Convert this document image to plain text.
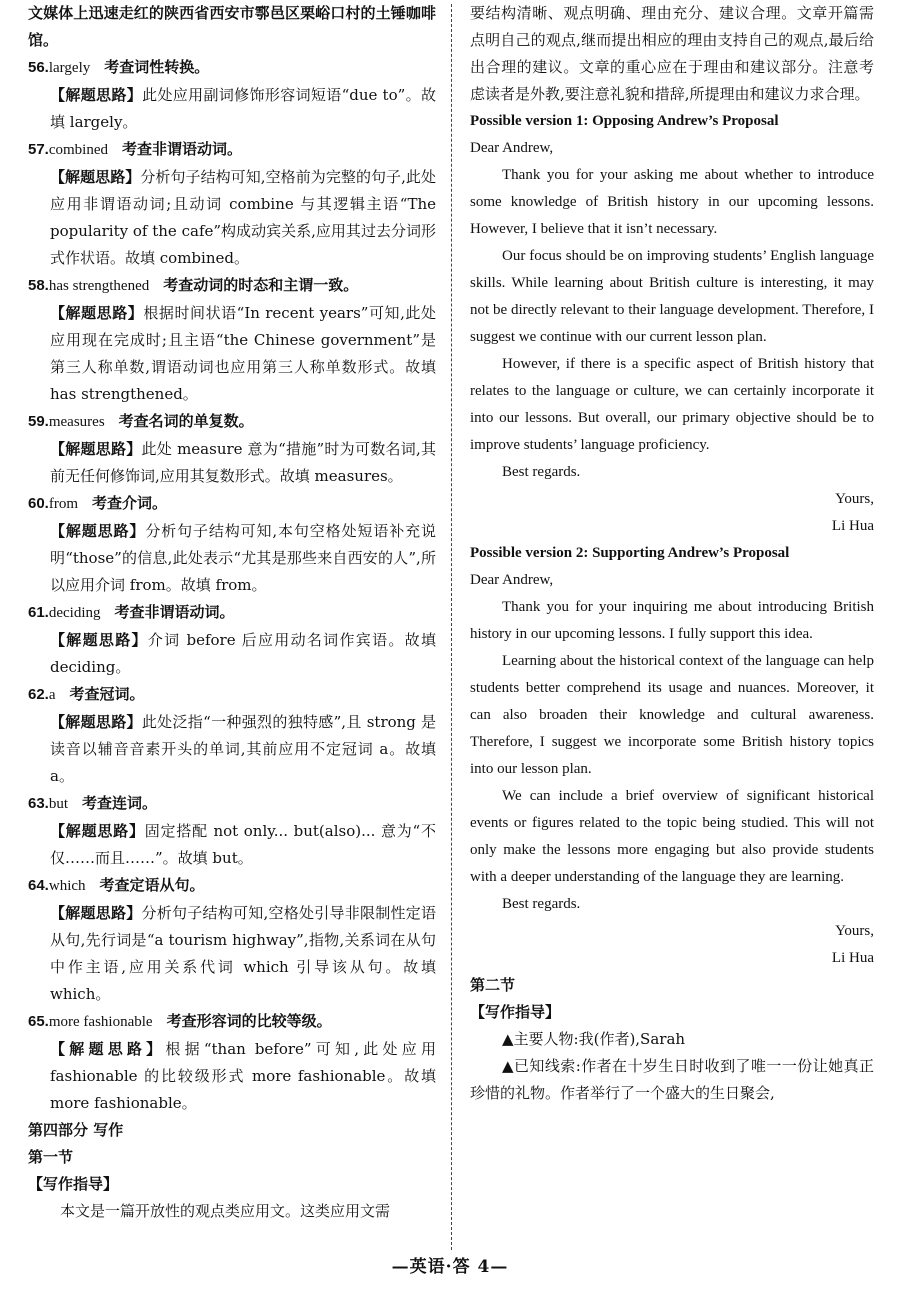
文媒体上迅速走红的陕西省西安市鄠邑区栗峪口村的土锤咖啡馆。

56.largely 考查词性转换。

【解题思路】此处应用副词修饰形容词短语“due to”。故填 largely。

57.combined 考查非谓语动词。

【解题思路】分析句子结构可知,空格前为完整的句子,此处应用非谓语动词;且动词 combine 与其逻辑主语“The popularity of the cafe”构成动宾关系,应用其过去分词形式作状语。故填 combined。

58.has strengthened 考查动词的时态和主谓一致。

【解题思路】根据时间状语“In recent years”可知,此处应用现在完成时;且主语“the Chinese government”是第三人称单数,谓语动词也应用第三人称单数形式。故填 has strengthened。

59.measures 考查名词的单复数。

【解题思路】此处 measure 意为“措施”时为可数名词,其前无任何修饰词,应用其复数形式。故填 measures。

60.from 考查介词。

【解题思路】分析句子结构可知,本句空格处短语补充说明“those”的信息,此处表示“尤其是那些来自西安的人”,所以应用介词 from。故填 from。

61.deciding 考查非谓语动词。

【解题思路】介词 before 后应用动名词作宾语。故填 deciding。

62.a 考查冠词。

【解题思路】此处泛指“一种强烈的独特感”,且 strong 是读音以辅音音素开头的单词,其前应用不定冠词 a。故填 a。

63.but 考查连词。

【解题思路】固定搭配 not only... but(also)... 意为“不仅……而且……”。故填 but。

64.which 考查定语从句。

【解题思路】分析句子结构可知,空格处引导非限制性定语从句,先行词是“a tourism highway”,指物,关系词在从句中作主语,应用关系代词 which 引导该从句。故填 which。

65.more fashionable 考查形容词的比较等级。

【解题思路】根据“than before”可知,此处应用 fashionable 的比较级形式 more fashionable。故填 more fashionable。

第四部分 写作

第一节

【写作指导】

本文是一篇开放性的观点类应用文。这类应用文需

要结构清晰、观点明确、理由充分、建议合理。文章开篇需点明自己的观点,继而提出相应的理由支持自己的观点,最后给出合理的建议。文章的重心应在于理由和建议部分。注意考虑读者是外教,要注意礼貌和措辞,所提理由和建议力求合理。

Possible version 1: Opposing Andrew’s Proposal

Dear Andrew,

Thank you for your asking me about whether to introduce some knowledge of British history in our upcoming lessons. However, I believe that it isn’t necessary.

Our focus should be on improving students’ English language skills. While learning about British culture is interesting, it may not be directly relevant to their language development. Therefore, I suggest we continue with our current lesson plan.

However, if there is a specific aspect of British history that relates to the language or culture, we can certainly incorporate it into our lessons. But overall, our primary objective should be to improve students’ language proficiency.

Best regards.

Yours,

Li Hua

Possible version 2: Supporting Andrew’s Proposal

Dear Andrew,

Thank you for your inquiring me about introducing British history in our upcoming lessons. I fully support this idea.

Learning about the historical context of the language can help students better comprehend its usage and nuances. Moreover, it can also broaden their knowledge and cultural awareness. Therefore, I suggest we incorporate some British history topics into our lesson plan.

We can include a brief overview of significant historical events or figures related to the topic being studied. This will not only make the lessons more engaging but also provide students with a deeper understanding of the language they are learning.

Best regards.

Yours,

Li Hua

第二节

【写作指导】

▲主要人物:我(作者),Sarah

▲已知线索:作者在十岁生日时收到了唯一一份让她真正珍惜的礼物。作者举行了一个盛大的生日聚会,

—英语·答 4—
